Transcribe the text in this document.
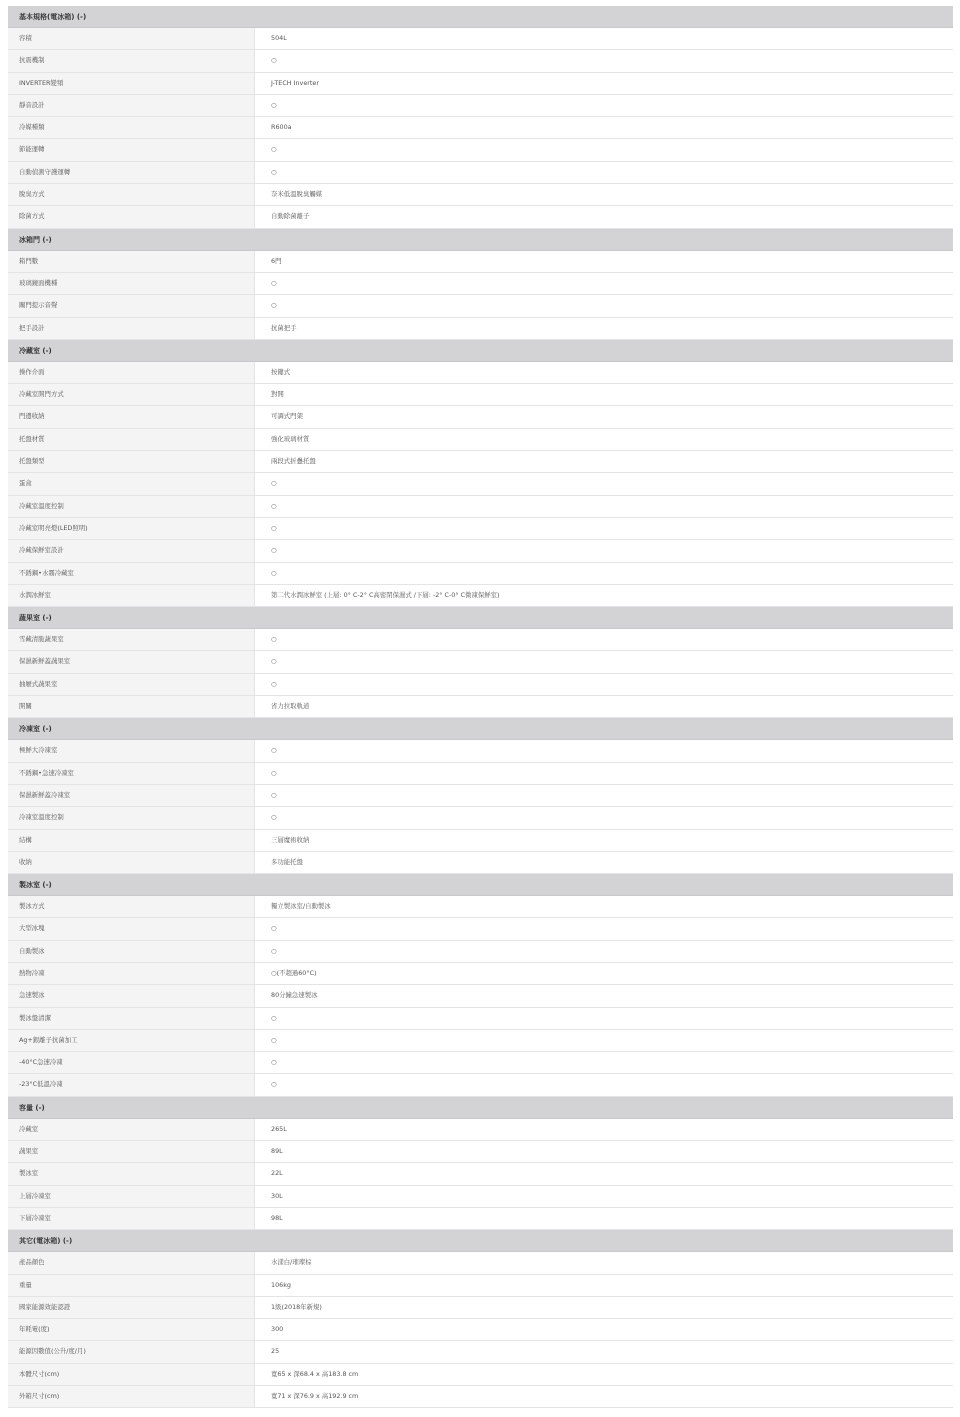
基本規格(電冰箱) (-)
容積	504L
抗震機制	○
INVERTER變頻	J-TECH Inverter
靜音設計	○
冷媒種類	R600a
節能運轉	○
自動偵測守護運轉	○
脫臭方式	奈米低溫脫臭觸媒
除菌方式	自動除菌離子
冰箱門 (-)
箱門數	6門
玻璃鏡面機種	○
關門提示音聲	○
把手設計	抗菌把手
冷藏室 (-)
操作介面	按鍵式
冷藏室開門方式	對開
門邊收納	可調式門架
托盤材質	強化玻璃材質
托盤類型	兩段式折疊托盤
蛋盒	○
冷藏室溫度控制	○
冷藏室明亮燈(LED照明)	○
冷藏保鮮室設計	○
不銹鋼•水霧冷藏室	○
水潤冰鮮室	第二代水潤冰鮮室 (上層: 0° C-2° C高密閉保濕式 /下層: -2° C-0° C微凍保鮮室)
蔬果室 (-)
雪藏清脆蔬果室	○
保濕新鮮蓋蔬果室	○
抽屜式蔬果室	○
開關	省力拉取軌道
冷凍室 (-)
極鮮大冷凍室	○
不銹鋼•急速冷凍室	○
保濕新鮮蓋冷凍室	○
冷凍室溫度控制	○
結構	三層魔術收納
收納	多功能托盤
製冰室 (-)
製冰方式	獨立製冰室/自動製冰
大型冰塊	○
自動製冰	○
熱物冷凍	○(不超過60°C)
急速製冰	80分鐘急速製冰
製冰盤清潔	○
Ag+銀離子抗菌加工	○
-40°C急速冷凍	○
-23°C低溫冷凍	○
容量 (-)
冷藏室	265L
蔬果室	89L
製冰室	22L
上層冷凍室	30L
下層冷凍室	98L
其它(電冰箱) (-)
產品顏色	水漾白/璀璨棕
重量	106kg
國家能源效能認證	1級(2018年新規)
年耗電(度)	300
能源因數值(公升/度/月)	25
本體尺寸(cm)	寬65 x 深68.4 x 高183.8 cm
外箱尺寸(cm)	寬71 x 深76.9 x 高192.9 cm
